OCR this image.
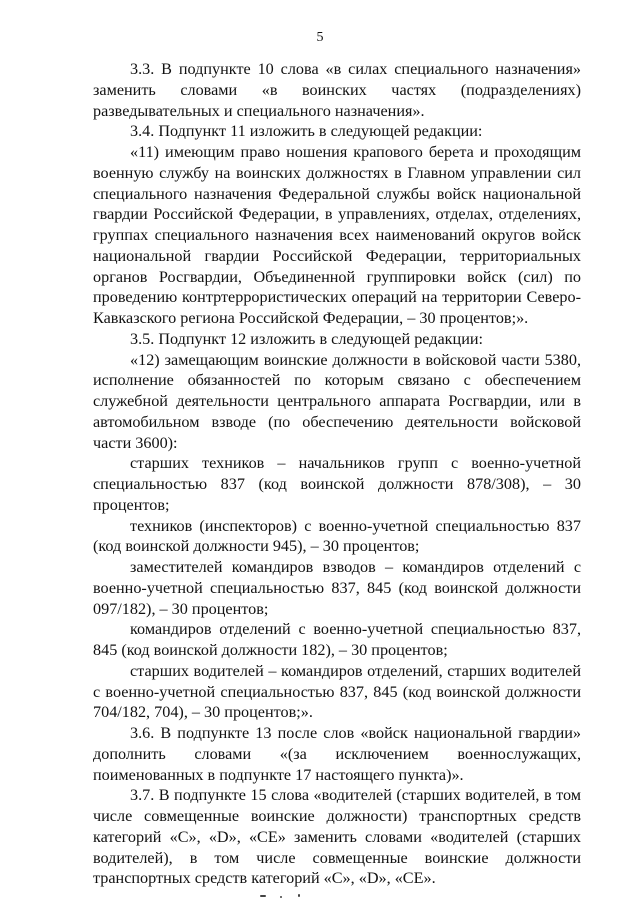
5

3.3. В подпункте 10 слова «в силах специального назначения» заменить словами «в воинских частях (подразделениях) разведывательных и специального назначения».

3.4. Подпункт 11 изложить в следующей редакции:

«11) имеющим право ношения крапового берета и проходящим военную службу на воинских должностях в Главном управлении сил специального назначения Федеральной службы войск национальной гвардии Российской Федерации, в управлениях, отделах, отделениях, группах специального назначения всех наименований округов войск национальной гвардии Российской Федерации, территориальных органов Росгвардии, Объединенной группировки войск (сил) по проведению контртеррористических операций на территории Северо-Кавказского региона Российской Федерации, – 30 процентов;».

3.5. Подпункт 12 изложить в следующей редакции:

«12) замещающим воинские должности в войсковой части 5380, исполнение обязанностей по которым связано с обеспечением служебной деятельности центрального аппарата Росгвардии, или в автомобильном взводе (по обеспечению деятельности войсковой части 3600):

старших техников – начальников групп с военно-учетной специальностью 837 (код воинской должности 878/308), – 30 процентов;

техников (инспекторов) с военно-учетной специальностью 837 (код воинской должности 945), – 30 процентов;

заместителей командиров взводов – командиров отделений с военно-учетной специальностью 837, 845 (код воинской должности 097/182), – 30 процентов;

командиров отделений с военно-учетной специальностью 837, 845 (код воинской должности 182), – 30 процентов;

старших водителей – командиров отделений, старших водителей с военно-учетной специальностью 837, 845 (код воинской должности 704/182, 704), – 30 процентов;».

3.6. В подпункте 13 после слов «войск национальной гвардии» дополнить словами «(за исключением военнослужащих, поименованных в подпункте 17 настоящего пункта)».

3.7. В подпункте 15 слова «водителей (старших водителей, в том числе совмещенные воинские должности) транспортных средств категорий «C», «D», «CE» заменить словами «водителей (старших водителей), в том числе совмещенные воинские должности транспортных средств категорий «C», «D», «CE».
